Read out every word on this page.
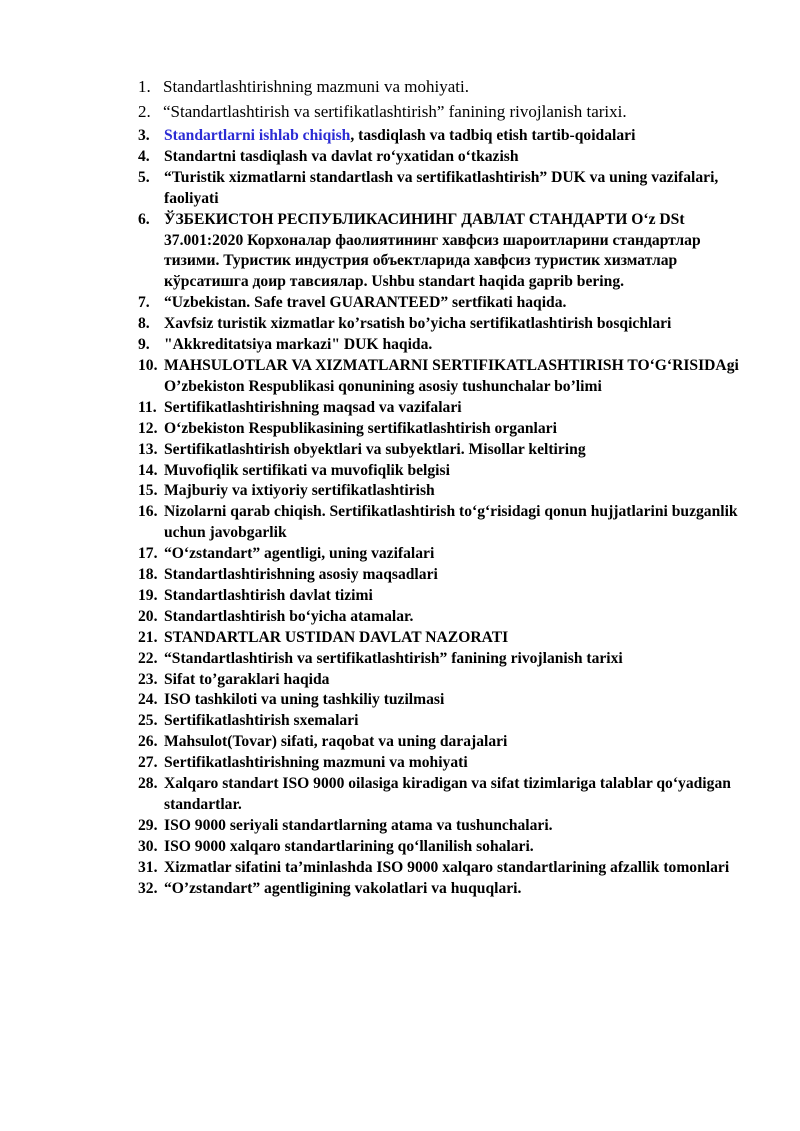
1. Standartlashtirishning mazmuni va mohiyati.
2. “Standartlashtirish va sertifikatlashtirish” fanining rivojlanish tarixi.
3. Standartlarni ishlab chiqish, tasdiqlash va tadbiq etish tartib-qoidalari
4. Standartni tasdiqlash va davlat ro‘yxatidan o‘tkazish
5. “Turistik xizmatlarni standartlash va sertifikatlashtirish” DUK va uning vazifalari, faoliyati
6. ЎЗБЕКИСТОН РЕСПУБЛИКАСИНИНГ ДАВЛАТ СТАНДАРТИ O‘z DSt 37.001:2020 Корхоналар фаолиятининг хавфсиз шароитларини стандартлар тизими. Туристик индустрия объектларида хавфсиз туристик хизматлар кўрсатишга доир тавсиялар. Ushbu standart haqida gaprib bering.
7. “Uzbekistan. Safe travel GUARANTEED” sertfikati haqida.
8. Xavfsiz turistik xizmatlar ko’rsatish bo’yicha sertifikatlashtirish bosqichlari
9. "Akkreditatsiya markazi" DUK haqida.
10. MAHSULOTLAR VA XIZMATLARNI SERTIFIKATLASHTIRISH TO‘G‘RISIDAgi O’zbekiston Respublikasi qonunining asosiy tushunchalar bo’limi
11. Sertifikatlashtirishning maqsad va vazifalari
12. O‘zbekiston Respublikasining sertifikatlashtirish organlari
13. Sertifikatlashtirish obyektlari va subyektlari. Misollar keltiring
14. Muvofiqlik sertifikati va muvofiqlik belgisi
15. Majburiy va ixtiyoriy sertifikatlashtirish
16. Nizolarni qarab chiqish. Sertifikatlashtirish to‘g‘risidagi qonun hujjatlarini buzganlik uchun javobgarlik
17. “O‘zstandart” agentligi, uning vazifalari
18. Standartlashtirishning asosiy maqsadlari
19. Standartlashtirish davlat tizimi
20. Standartlashtirish bo‘yicha atamalar.
21. STANDARTLAR USTIDAN DAVLAT NAZORATI
22. “Standartlashtirish va sertifikatlashtirish” fanining rivojlanish tarixi
23. Sifat to’garaklari haqida
24. ISO tashkiloti va uning tashkiliy tuzilmasi
25. Sertifikatlashtirish sxemalari
26. Mahsulot(Tovar) sifati, raqobat va uning darajalari
27. Sertifikatlashtirishning mazmuni va mohiyati
28. Xalqaro standart ISO 9000 oilasiga kiradigan va sifat tizimlariga talablar qo‘yadigan standartlar.
29. ISO 9000 seriyali standartlarning atama va tushunchalari.
30. ISO 9000 xalqaro standartlarining qo‘llanilish sohalari.
31. Xizmatlar sifatini ta’minlashda ISO 9000 xalqaro standartlarining afzallik tomonlari
32. “O’zstandart” agentligining vakolatlari va huquqlari.
